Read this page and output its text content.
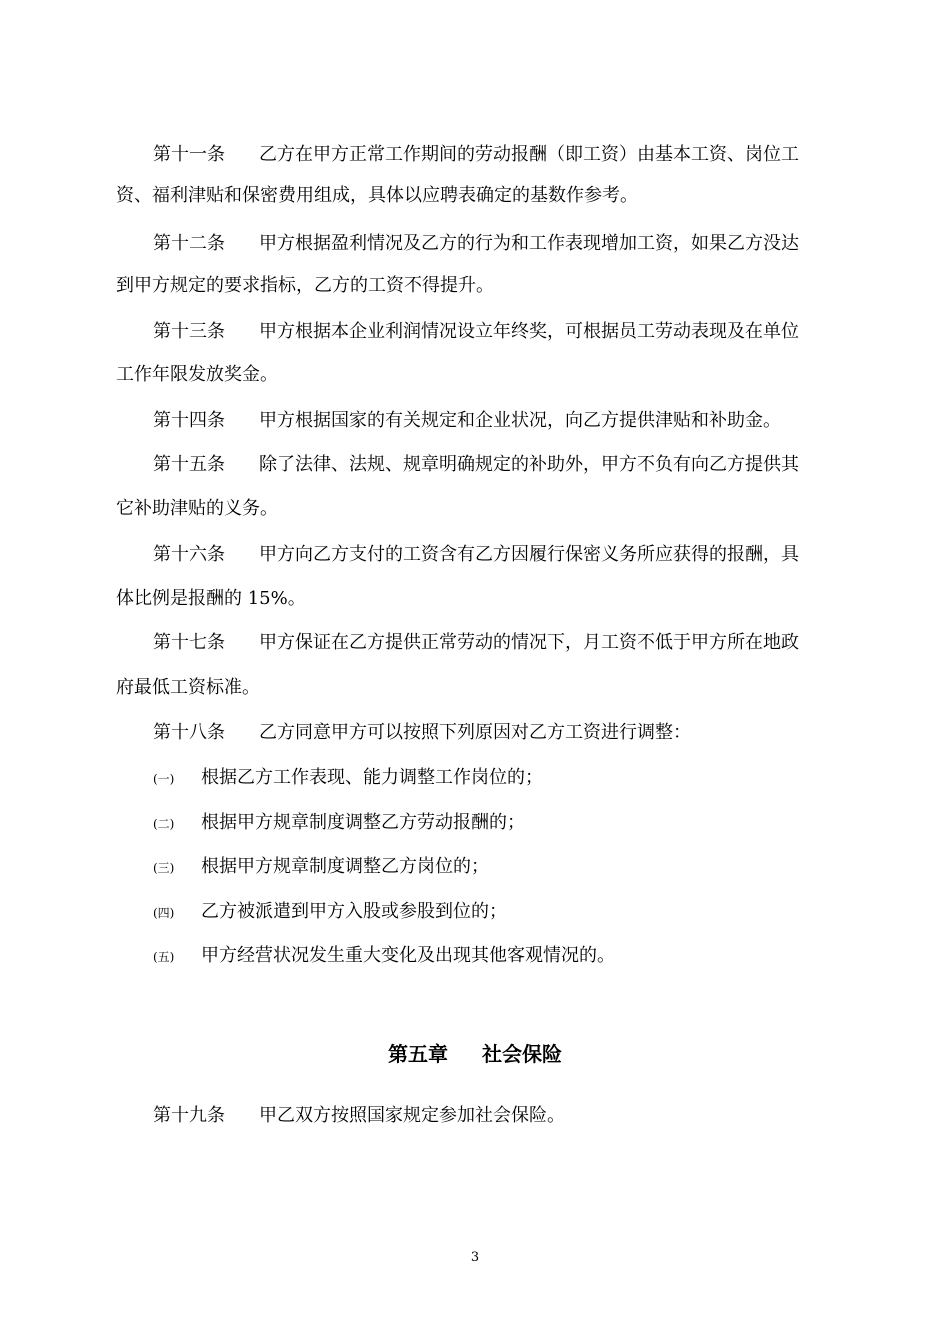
第十一条	乙方在甲方正常工作期间的劳动报酬（即工资）由基本工资、岗位工
资、福利津贴和保密费用组成，具体以应聘表确定的基数作参考。
第十二条	甲方根据盈利情况及乙方的行为和工作表现增加工资，如果乙方没达
到甲方规定的要求指标，乙方的工资不得提升。
第十三条	甲方根据本企业利润情况设立年终奖，可根据员工劳动表现及在单位
工作年限发放奖金。
第十四条	甲方根据国家的有关规定和企业状况，向乙方提供津贴和补助金。
第十五条	除了法律、法规、规章明确规定的补助外，甲方不负有向乙方提供其
它补助津贴的义务。
第十六条	甲方向乙方支付的工资含有乙方因履行保密义务所应获得的报酬，具
体比例是报酬的 15%。
第十七条	甲方保证在乙方提供正常劳动的情况下，月工资不低于甲方所在地政
府最低工资标准。
第十八条	乙方同意甲方可以按照下列原因对乙方工资进行调整：
(一)	根据乙方工作表现、能力调整工作岗位的；
(二)	根据甲方规章制度调整乙方劳动报酬的；
(三)	根据甲方规章制度调整乙方岗位的；
(四)	乙方被派遣到甲方入股或参股到位的；
(五)	甲方经营状况发生重大变化及出现其他客观情况的。
第五章 社会保险
第十九条	甲乙双方按照国家规定参加社会保险。
3
